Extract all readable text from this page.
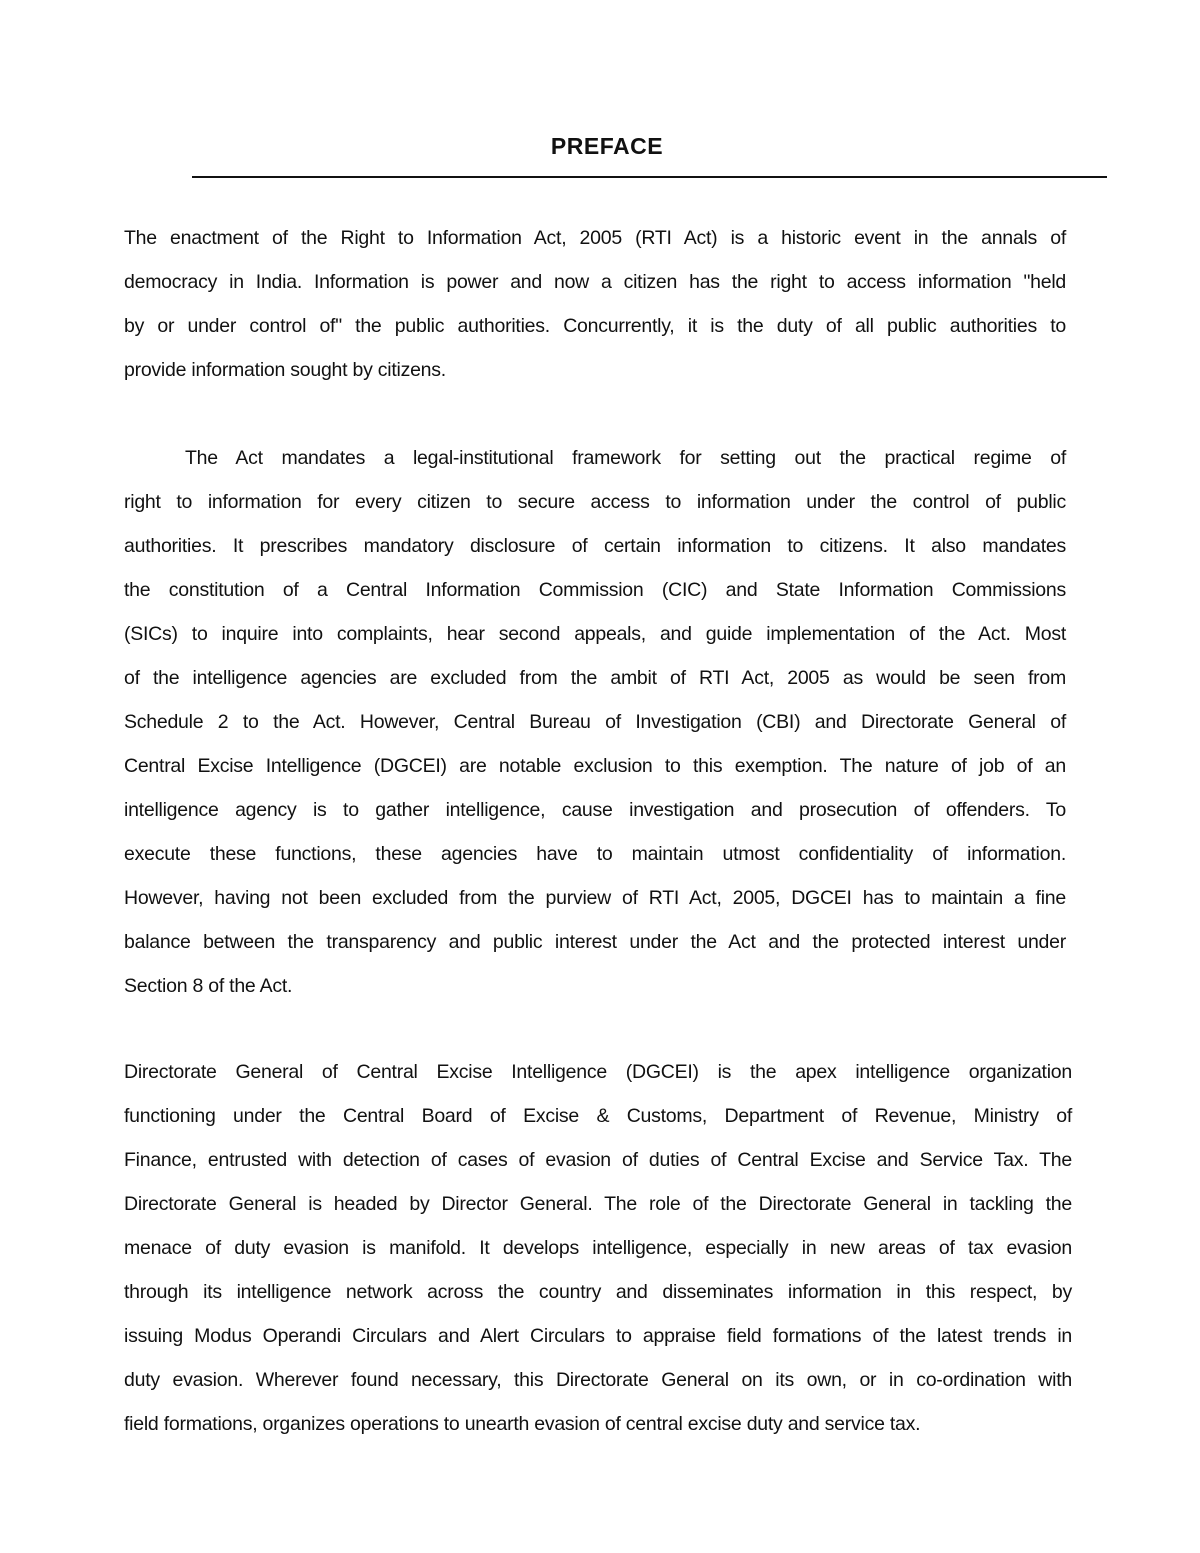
PREFACE
The enactment of the Right to Information Act, 2005 (RTI Act) is a historic event in the annals of
democracy in India. Information is power and now a citizen has the right to access information "held
by or under control of" the public authorities. Concurrently, it is the duty of all public authorities to
provide information sought by citizens.
The Act mandates a legal-institutional framework for setting out the practical regime of
right to information for every citizen to secure access to information under the control of public
authorities. It prescribes mandatory disclosure of certain information to citizens. It also mandates
the constitution of a Central Information Commission (CIC) and State Information Commissions
(SICs) to inquire into complaints, hear second appeals, and guide implementation of the Act. Most
of the intelligence agencies are excluded from the ambit of RTI Act, 2005 as would be seen from
Schedule 2 to the Act. However, Central Bureau of Investigation (CBI) and Directorate General of
Central Excise Intelligence (DGCEI) are notable exclusion to this exemption. The nature of job of an
intelligence agency is to gather intelligence, cause investigation and prosecution of offenders. To
execute these functions, these agencies have to maintain utmost confidentiality of information.
However, having not been excluded from the purview of RTI Act, 2005, DGCEI has to maintain a fine
balance between the transparency and public interest under the Act and the protected interest under
Section 8 of the Act.
Directorate General of Central Excise Intelligence (DGCEI) is the apex intelligence organization
functioning under the Central Board of Excise & Customs, Department of Revenue, Ministry of
Finance, entrusted with detection of cases of evasion of duties of Central Excise and Service Tax. The
Directorate General is headed by Director General. The role of the Directorate General in tackling the
menace of duty evasion is manifold. It develops intelligence, especially in new areas of tax evasion
through its intelligence network across the country and disseminates information in this respect, by
issuing Modus Operandi Circulars and Alert Circulars to appraise field formations of the latest trends in
duty evasion. Wherever found necessary, this Directorate General on its own, or in co-ordination with
field formations, organizes operations to unearth evasion of central excise duty and service tax.
